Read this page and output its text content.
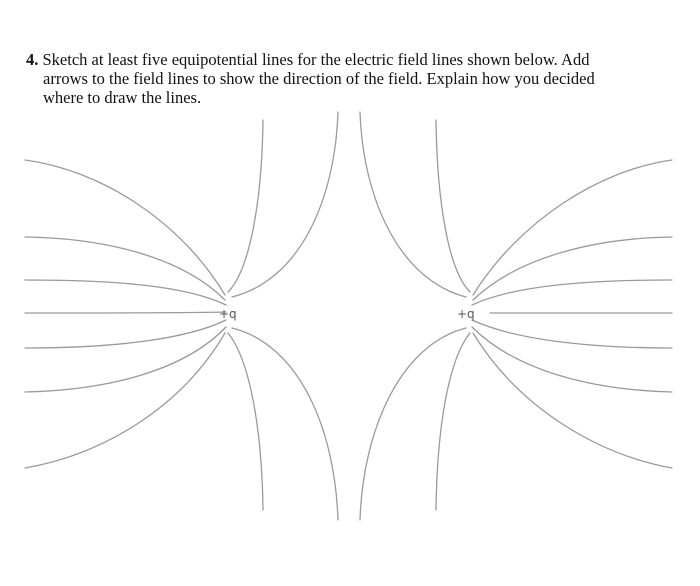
4. Sketch at least five equipotential lines for the electric field lines shown below. Add
arrows to the field lines to show the direction of the field. Explain how you decided
where to draw the lines.
+q	+q
